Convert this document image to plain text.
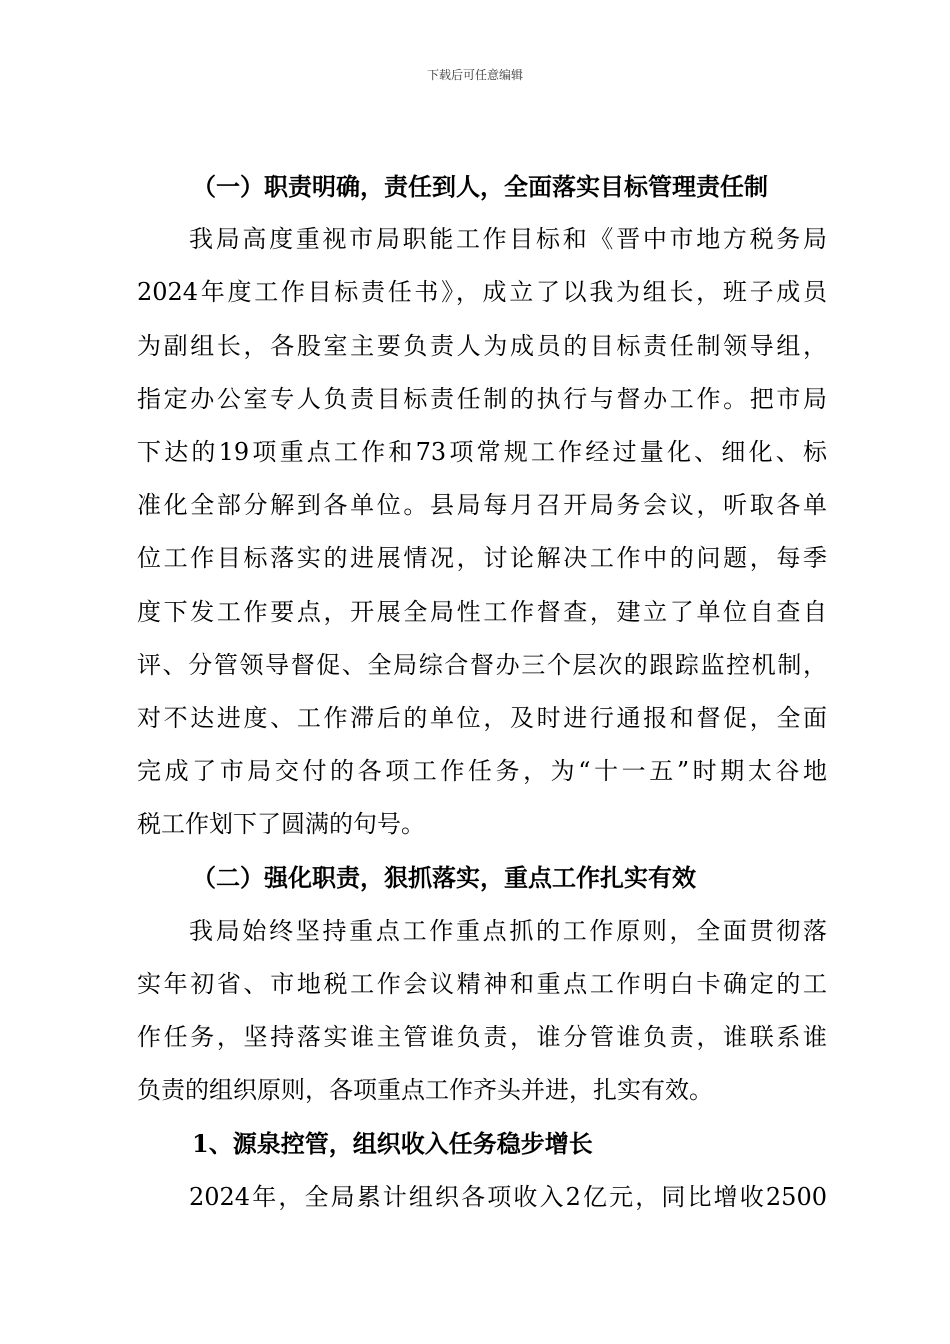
下载后可任意编辑
（一）职责明确，责任到人，全面落实目标管理责任制
我局高度重视市局职能工作目标和《晋中市地方税务局
2024年度工作目标责任书》，成立了以我为组长，班子成员
为副组长，各股室主要负责人为成员的目标责任制领导组，
指定办公室专人负责目标责任制的执行与督办工作。把市局
下达的19项重点工作和73项常规工作经过量化、细化、标
准化全部分解到各单位。县局每月召开局务会议，听取各单
位工作目标落实的进展情况，讨论解决工作中的问题，每季
度下发工作要点，开展全局性工作督查，建立了单位自查自
评、分管领导督促、全局综合督办三个层次的跟踪监控机制，
对不达进度、工作滞后的单位，及时进行通报和督促，全面
完成了市局交付的各项工作任务，为“十一五”时期太谷地
税工作划下了圆满的句号。
（二）强化职责，狠抓落实，重点工作扎实有效
我局始终坚持重点工作重点抓的工作原则，全面贯彻落
实年初省、市地税工作会议精神和重点工作明白卡确定的工
作任务，坚持落实谁主管谁负责，谁分管谁负责，谁联系谁
负责的组织原则，各项重点工作齐头并进，扎实有效。
1、源泉控管，组织收入任务稳步增长
2024年，全局累计组织各项收入2亿元，同比增收2500
